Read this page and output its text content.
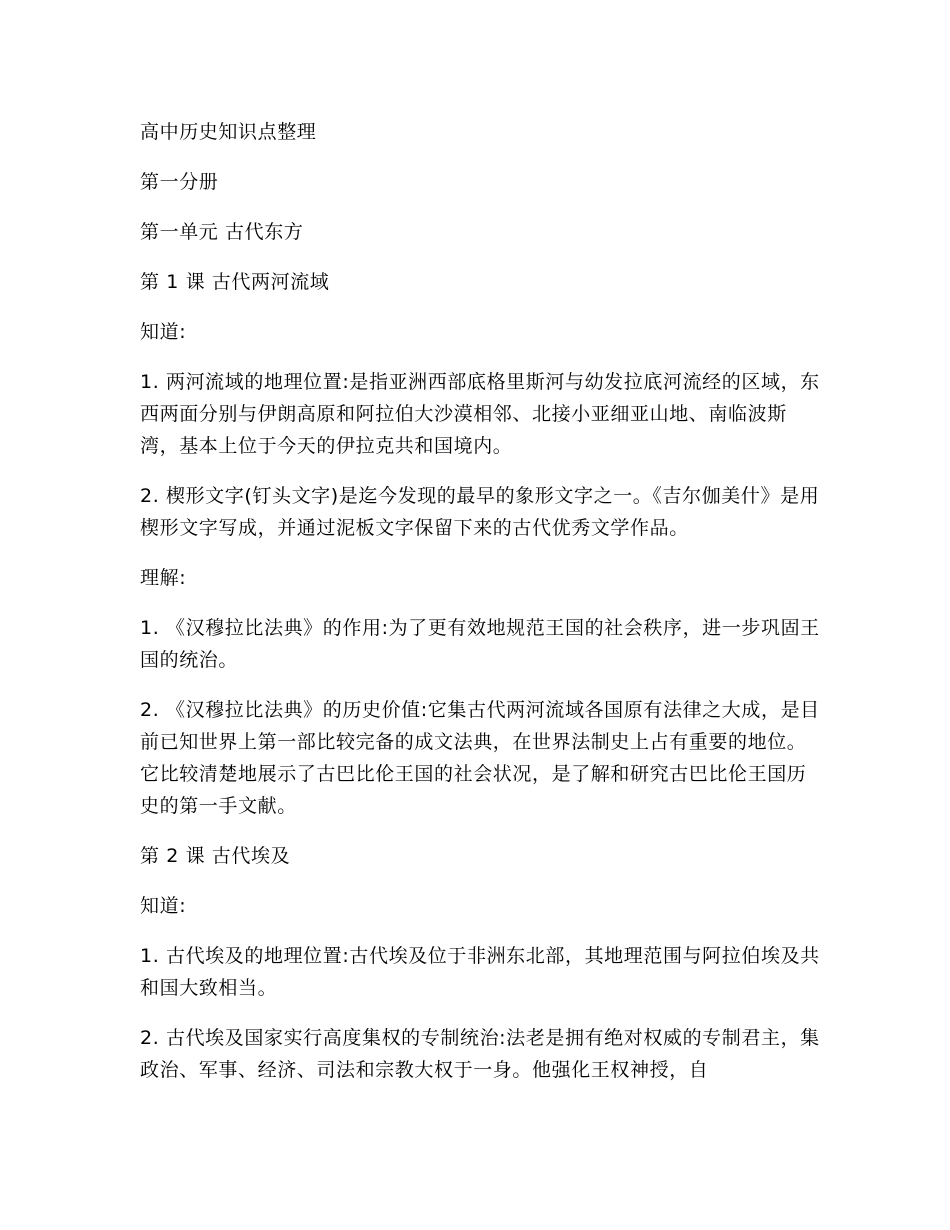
高中历史知识点整理

第一分册

第一单元 古代东方

第 1 课 古代两河流域

知道:

1. 两河流域的地理位置:是指亚洲西部底格里斯河与幼发拉底河流经的区域，东西两面分别与伊朗高原和阿拉伯大沙漠相邻、北接小亚细亚山地、南临波斯湾，基本上位于今天的伊拉克共和国境内。

2. 楔形文字(钉头文字)是迄今发现的最早的象形文字之一。《吉尔伽美什》是用楔形文字写成，并通过泥板文字保留下来的古代优秀文学作品。

理解:

1. 《汉穆拉比法典》的作用:为了更有效地规范王国的社会秩序，进一步巩固王国的统治。

2. 《汉穆拉比法典》的历史价值:它集古代两河流域各国原有法律之大成，是目前已知世界上第一部比较完备的成文法典，在世界法制史上占有重要的地位。它比较清楚地展示了古巴比伦王国的社会状况，是了解和研究古巴比伦王国历史的第一手文献。

第 2 课 古代埃及

知道:

1. 古代埃及的地理位置:古代埃及位于非洲东北部，其地理范围与阿拉伯埃及共和国大致相当。

2. 古代埃及国家实行高度集权的专制统治:法老是拥有绝对权威的专制君主，集政治、军事、经济、司法和宗教大权于一身。他强化王权神授，自
